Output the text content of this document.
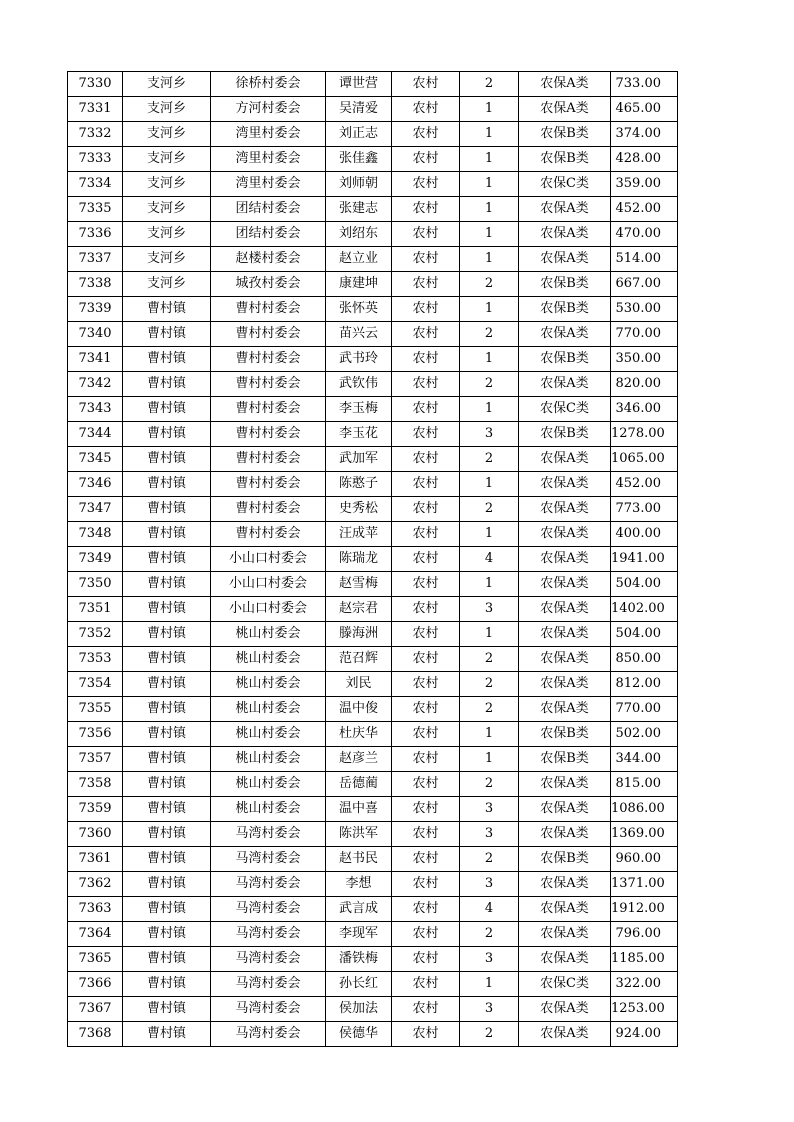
7330	支河乡	徐桥村委会	谭世营	农村	2	农保A类	733.00
7331	支河乡	方河村委会	吴清爱	农村	1	农保A类	465.00
7332	支河乡	湾里村委会	刘正志	农村	1	农保B类	374.00
7333	支河乡	湾里村委会	张佳鑫	农村	1	农保B类	428.00
7334	支河乡	湾里村委会	刘师朝	农村	1	农保C类	359.00
7335	支河乡	团结村委会	张建志	农村	1	农保A类	452.00
7336	支河乡	团结村委会	刘绍东	农村	1	农保A类	470.00
7337	支河乡	赵楼村委会	赵立业	农村	1	农保A类	514.00
7338	支河乡	城孜村委会	康建坤	农村	2	农保B类	667.00
7339	曹村镇	曹村村委会	张怀英	农村	1	农保B类	530.00
7340	曹村镇	曹村村委会	苗兴云	农村	2	农保A类	770.00
7341	曹村镇	曹村村委会	武书玲	农村	1	农保B类	350.00
7342	曹村镇	曹村村委会	武钦伟	农村	2	农保A类	820.00
7343	曹村镇	曹村村委会	李玉梅	农村	1	农保C类	346.00
7344	曹村镇	曹村村委会	李玉花	农村	3	农保B类	1278.00
7345	曹村镇	曹村村委会	武加军	农村	2	农保A类	1065.00
7346	曹村镇	曹村村委会	陈憨子	农村	1	农保A类	452.00
7347	曹村镇	曹村村委会	史秀松	农村	2	农保A类	773.00
7348	曹村镇	曹村村委会	汪成苹	农村	1	农保A类	400.00
7349	曹村镇	小山口村委会	陈瑞龙	农村	4	农保A类	1941.00
7350	曹村镇	小山口村委会	赵雪梅	农村	1	农保A类	504.00
7351	曹村镇	小山口村委会	赵宗君	农村	3	农保A类	1402.00
7352	曹村镇	桃山村委会	滕海洲	农村	1	农保A类	504.00
7353	曹村镇	桃山村委会	范召辉	农村	2	农保A类	850.00
7354	曹村镇	桃山村委会	刘民	农村	2	农保A类	812.00
7355	曹村镇	桃山村委会	温中俊	农村	2	农保A类	770.00
7356	曹村镇	桃山村委会	杜庆华	农村	1	农保B类	502.00
7357	曹村镇	桃山村委会	赵彦兰	农村	1	农保B类	344.00
7358	曹村镇	桃山村委会	岳德蔺	农村	2	农保A类	815.00
7359	曹村镇	桃山村委会	温中喜	农村	3	农保A类	1086.00
7360	曹村镇	马湾村委会	陈洪军	农村	3	农保A类	1369.00
7361	曹村镇	马湾村委会	赵书民	农村	2	农保B类	960.00
7362	曹村镇	马湾村委会	李想	农村	3	农保A类	1371.00
7363	曹村镇	马湾村委会	武言成	农村	4	农保A类	1912.00
7364	曹村镇	马湾村委会	李现军	农村	2	农保A类	796.00
7365	曹村镇	马湾村委会	潘铁梅	农村	3	农保A类	1185.00
7366	曹村镇	马湾村委会	孙长红	农村	1	农保C类	322.00
7367	曹村镇	马湾村委会	侯加法	农村	3	农保A类	1253.00
7368	曹村镇	马湾村委会	侯德华	农村	2	农保A类	924.00
